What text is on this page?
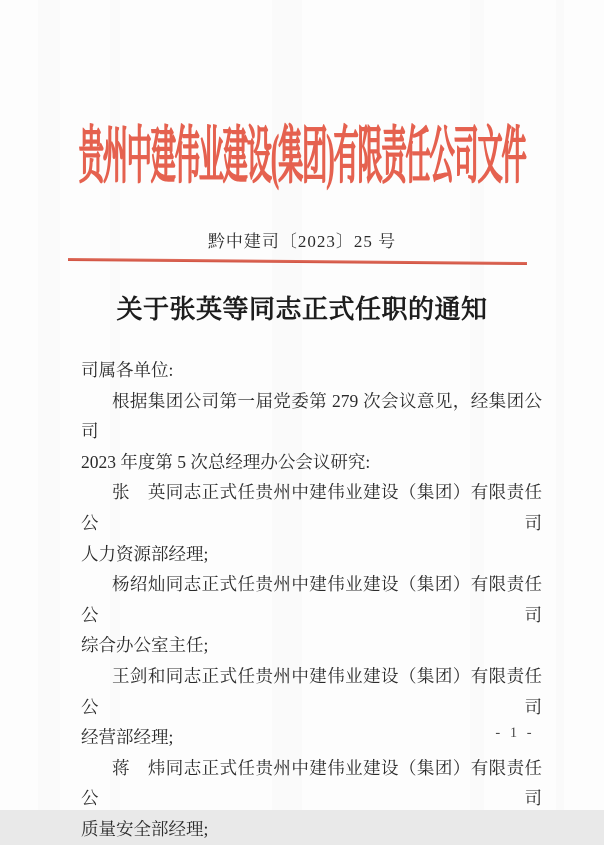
贵州中建伟业建设(集团)有限责任公司文件
黔中建司〔2023〕25 号
关于张英等同志正式任职的通知
司属各单位:
根据集团公司第一届党委第 279 次会议意见，经集团公司
2023 年度第 5 次总经理办公会议研究:
张　英同志正式任贵州中建伟业建设（集团）有限责任公司
人力资源部经理;
杨绍灿同志正式任贵州中建伟业建设（集团）有限责任公司
综合办公室主任;
王剑和同志正式任贵州中建伟业建设（集团）有限责任公司
经营部经理;
蒋　炜同志正式任贵州中建伟业建设（集团）有限责任公司
质量安全部经理;
- 1 -
